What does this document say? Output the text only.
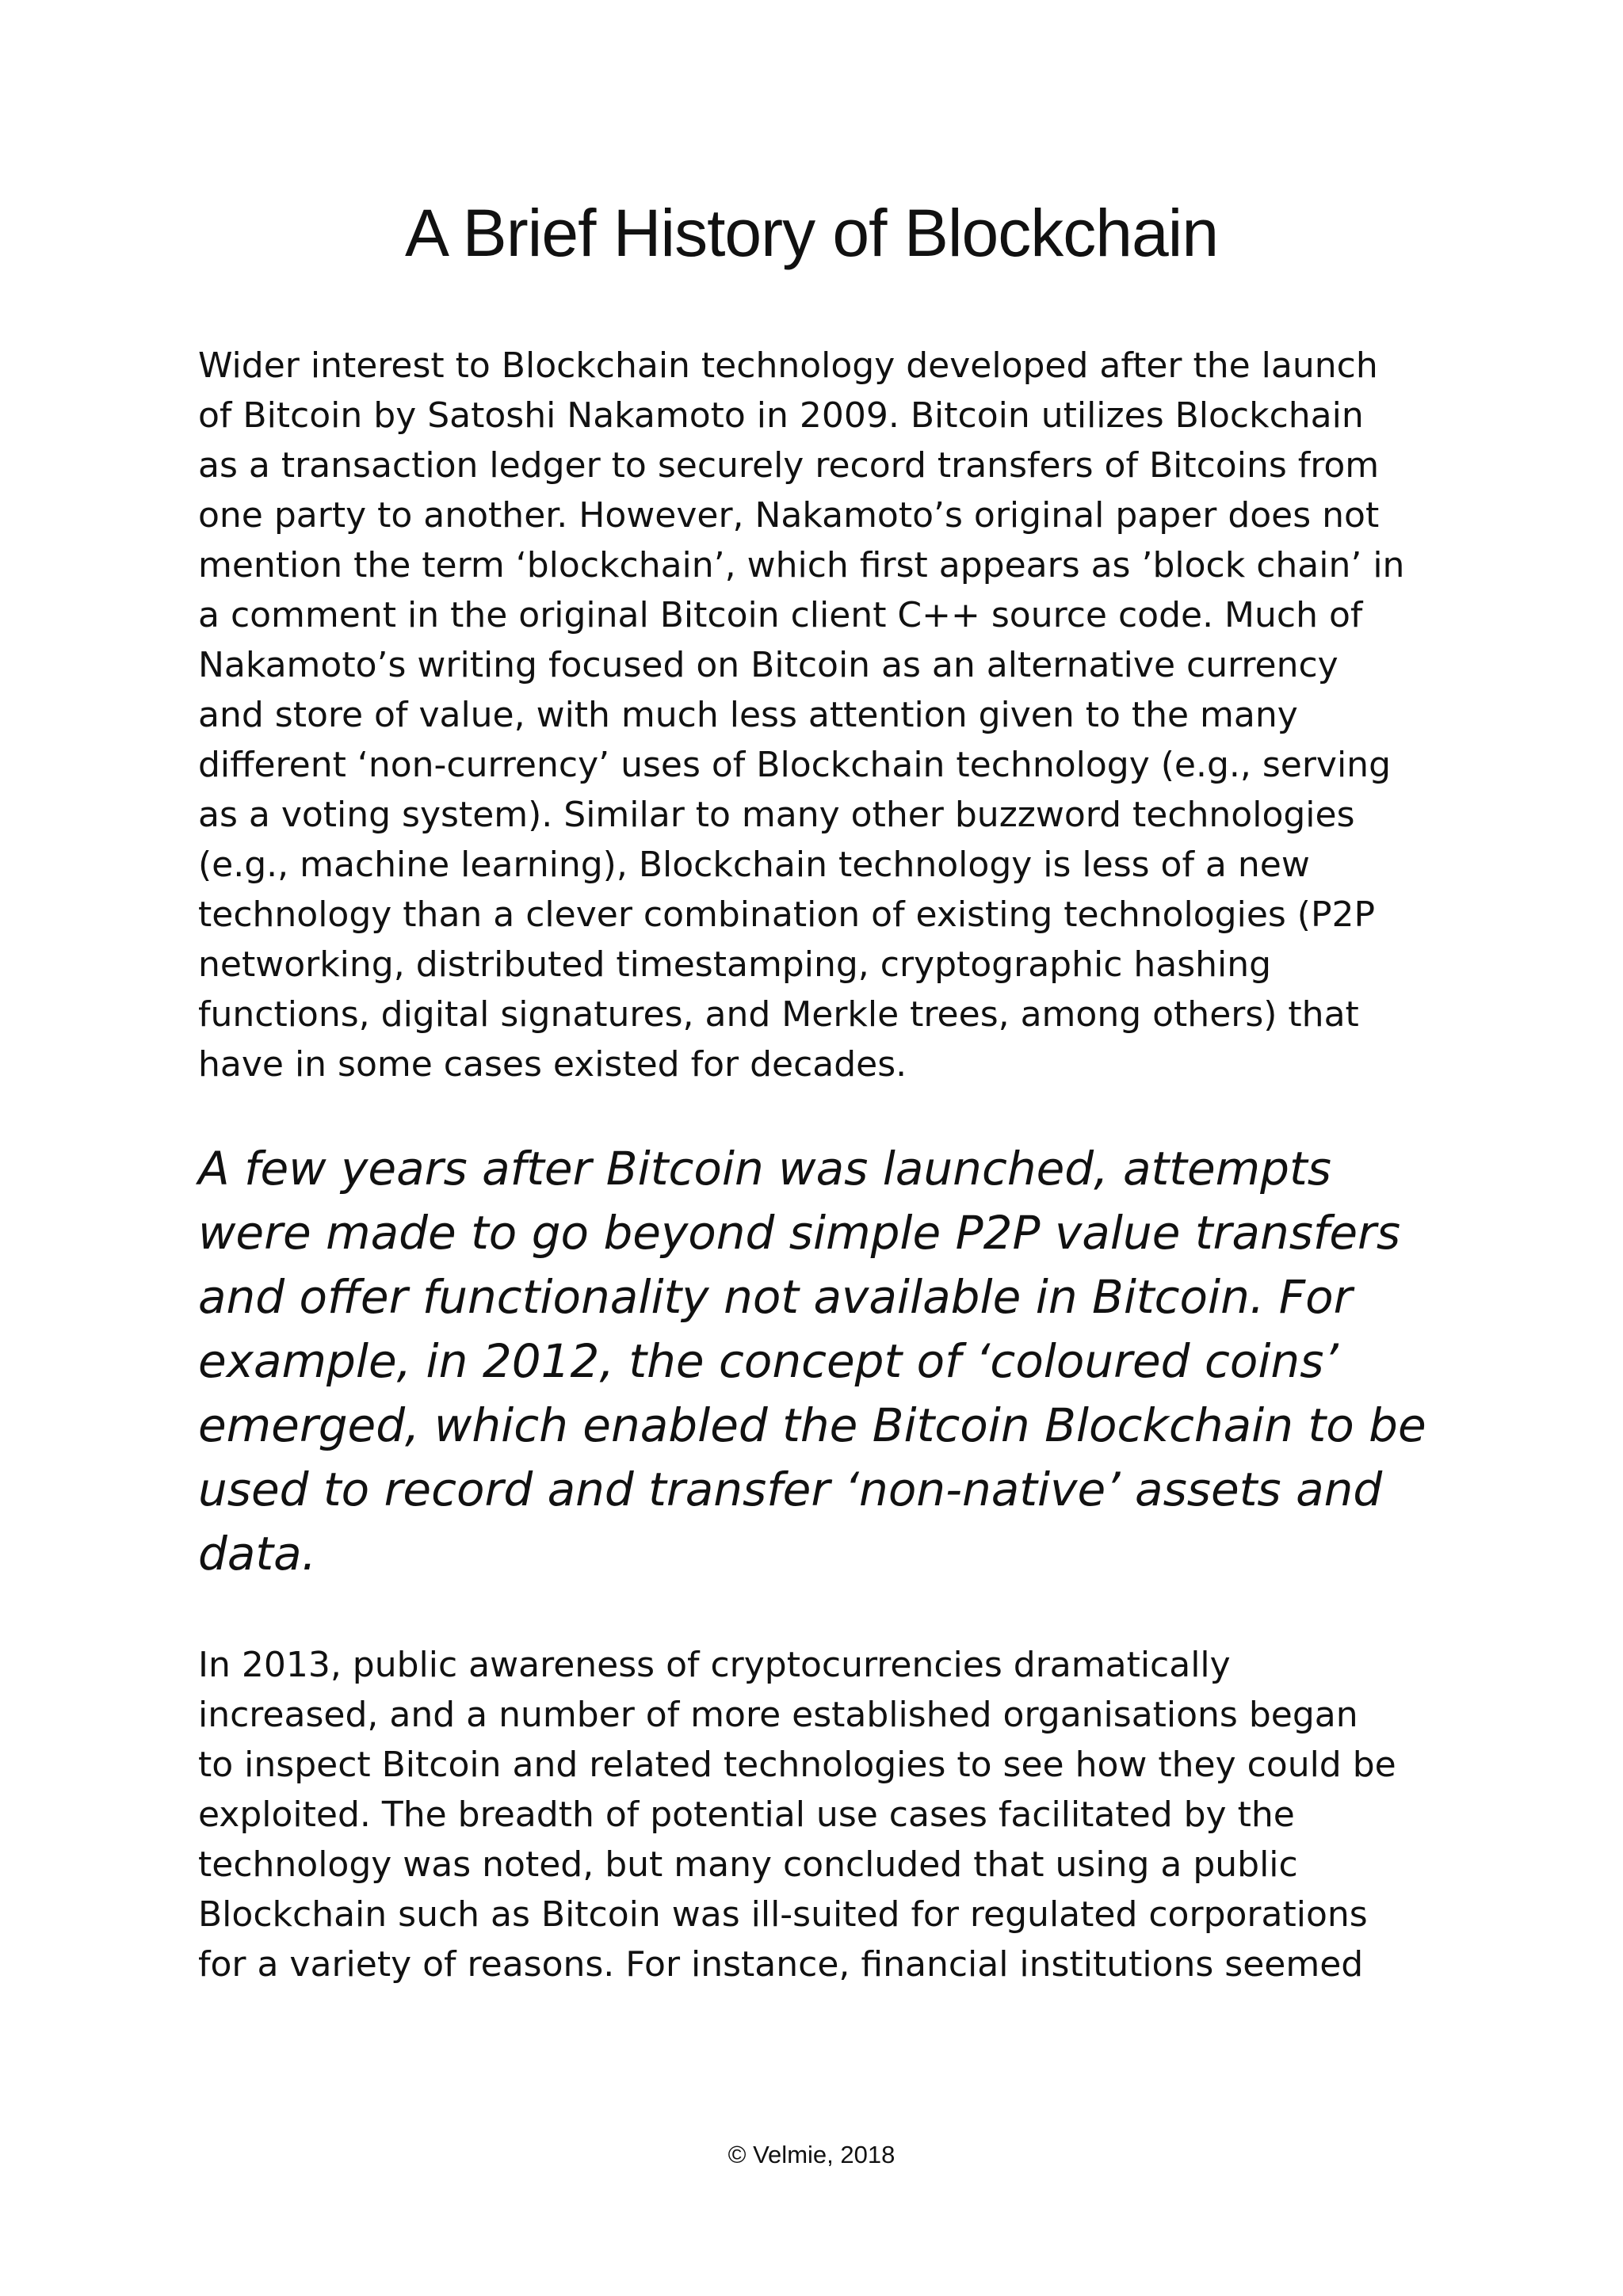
A Brief History of Blockchain

Wider interest to Blockchain technology developed after the launch
of Bitcoin by Satoshi Nakamoto in 2009. Bitcoin utilizes Blockchain
as a transaction ledger to securely record transfers of Bitcoins from
one party to another. However, Nakamoto’s original paper does not
mention the term ‘blockchain’, which first appears as ’block chain’ in
a comment in the original Bitcoin client C++ source code. Much of
Nakamoto’s writing focused on Bitcoin as an alternative currency
and store of value, with much less attention given to the many
different ‘non-currency’ uses of Blockchain technology (e.g., serving
as a voting system). Similar to many other buzzword technologies
(e.g., machine learning), Blockchain technology is less of a new
technology than a clever combination of existing technologies (P2P
networking, distributed timestamping, cryptographic hashing
functions, digital signatures, and Merkle trees, among others) that
have in some cases existed for decades.

A few years after Bitcoin was launched, attempts
were made to go beyond simple P2P value transfers
and offer functionality not available in Bitcoin. For
example, in 2012, the concept of ‘coloured coins’
emerged, which enabled the Bitcoin Blockchain to be
used to record and transfer ‘non-native’ assets and
data.

In 2013, public awareness of cryptocurrencies dramatically
increased, and a number of more established organisations began
to inspect Bitcoin and related technologies to see how they could be
exploited. The breadth of potential use cases facilitated by the
technology was noted, but many concluded that using a public
Blockchain such as Bitcoin was ill-suited for regulated corporations
for a variety of reasons. For instance, financial institutions seemed

© Velmie, 2018
